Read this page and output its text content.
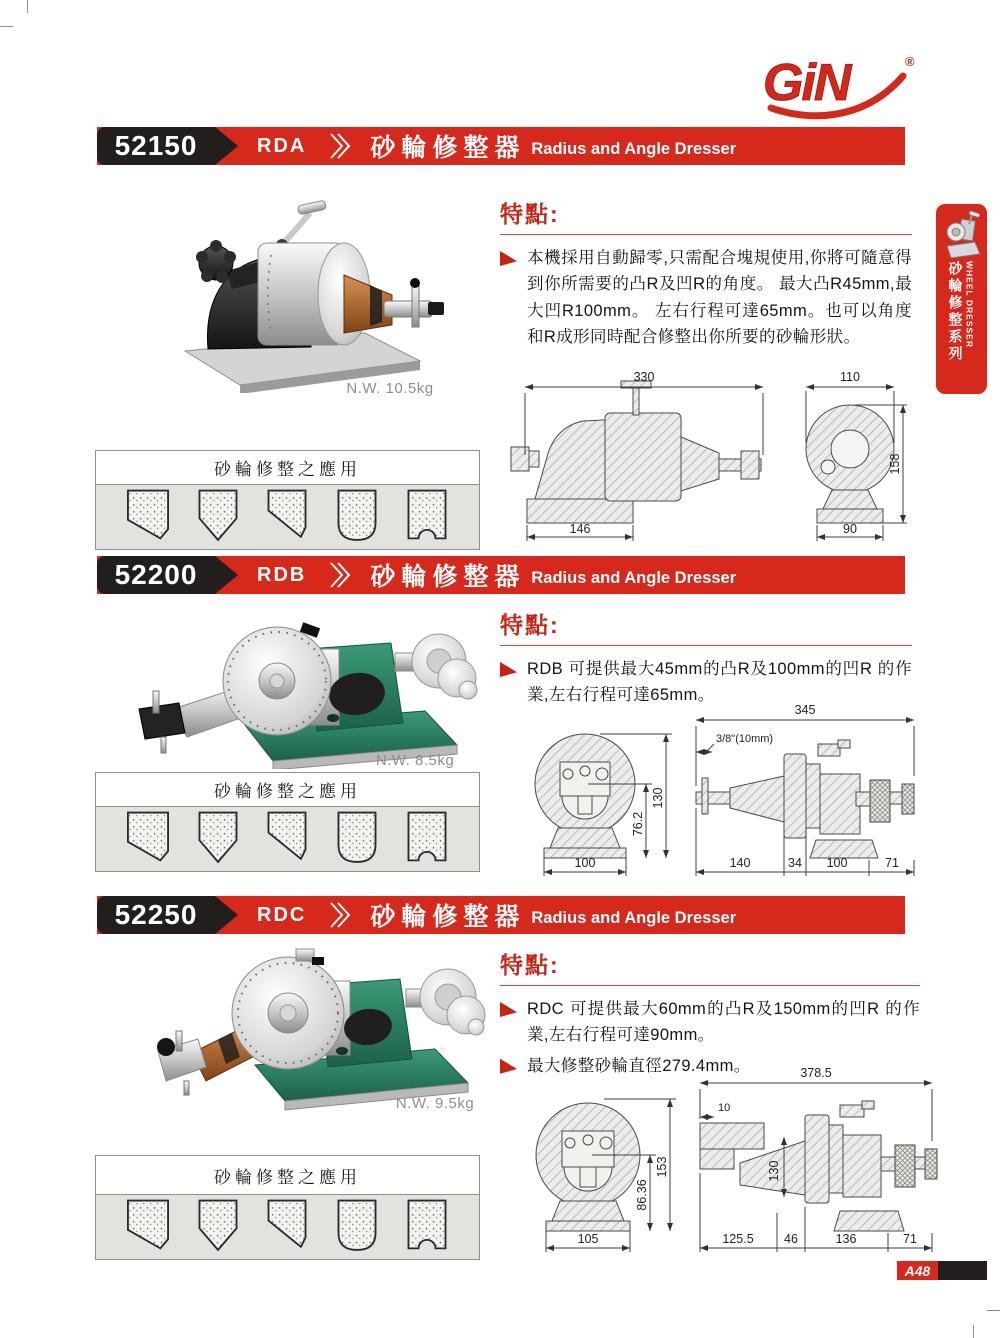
GiN	®
砂輪修整系列 WHEEL DRESSER
52150	RDA	砂輪修整器 Radius and Angle Dresser
N.W. 10.5kg
特點:
本機採用自動歸零,只需配合塊規使用,你將可隨意得到你所需要的凸R及凹R的角度。 最大凸R45mm,最大凹R100mm。 左右行程可達65mm。也可以角度和R成形同時配合修整出你所要的砂輪形狀。
330
146
110
158
90
砂輪修整之應用
52200	RDB	砂輪修整器 Radius and Angle Dresser
N.W. 8.5kg
特點:
RDB 可提供最大45mm的凸R及100mm的凹R 的作業,左右行程可達65mm。
砂輪修整之應用
100
76.2
130
345
3/8"(10mm)
140	34 100	71
52250	RDC	砂輪修整器 Radius and Angle Dresser
N.W. 9.5kg
特點:
RDC 可提供最大60mm的凸R及150mm的凹R 的作業,左右行程可達90mm。
最大修整砂輪直徑279.4mm。
砂輪修整之應用
105
86.36
153
378.5
10
130
125.5 46	136	71
A48
